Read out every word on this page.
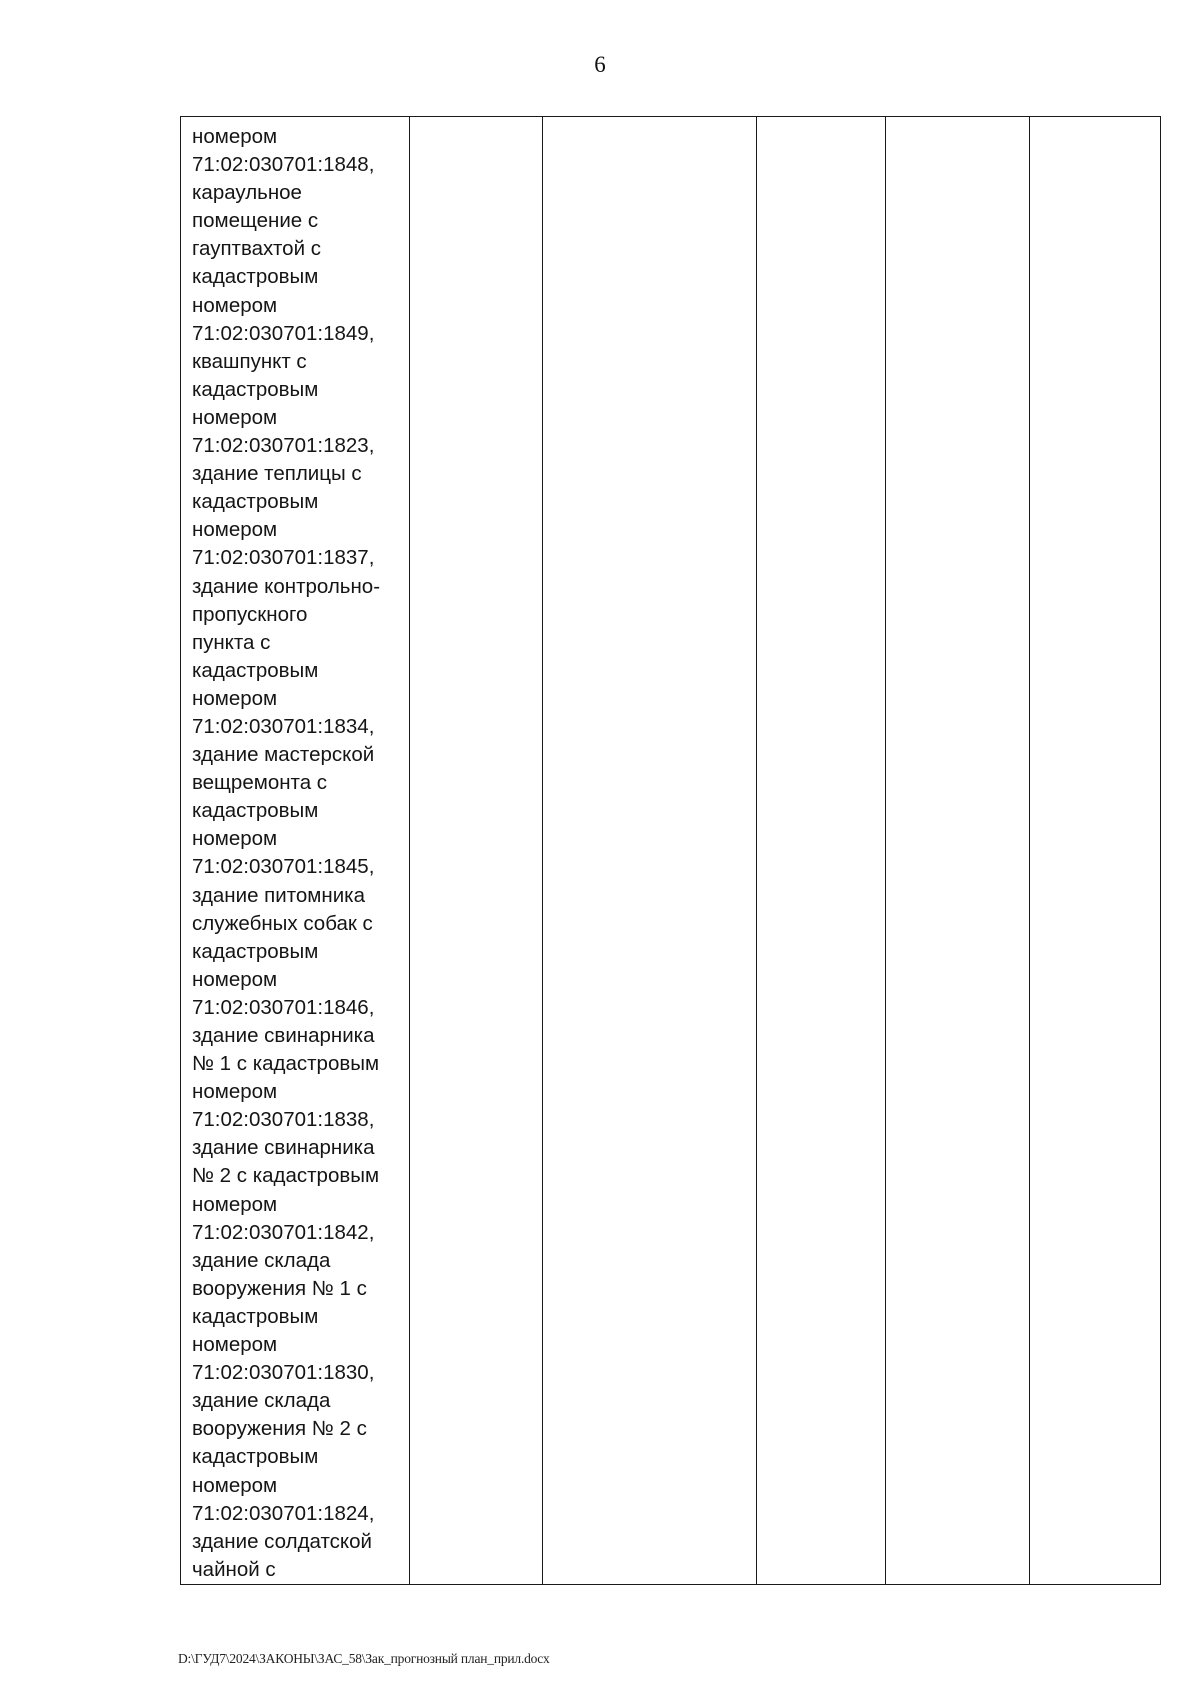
6
номером
71:02:030701:1848,
караульное
помещение с
гауптвахтой с
кадастровым
номером
71:02:030701:1849,
квашпункт с
кадастровым
номером
71:02:030701:1823,
здание теплицы с
кадастровым
номером
71:02:030701:1837,
здание контрольно-
пропускного
пункта с
кадастровым
номером
71:02:030701:1834,
здание мастерской
вещремонта с
кадастровым
номером
71:02:030701:1845,
здание питомника
служебных собак с
кадастровым
номером
71:02:030701:1846,
здание свинарника
№ 1 с кадастровым
номером
71:02:030701:1838,
здание свинарника
№ 2 с кадастровым
номером
71:02:030701:1842,
здание склада
вооружения № 1 с
кадастровым
номером
71:02:030701:1830,
здание склада
вооружения № 2 с
кадастровым
номером
71:02:030701:1824,
здание солдатской
чайной с

D:\ГУД7\2024\ЗАКОНЫ\ЗАС_58\Зак_прогнозный план_прил.docx
